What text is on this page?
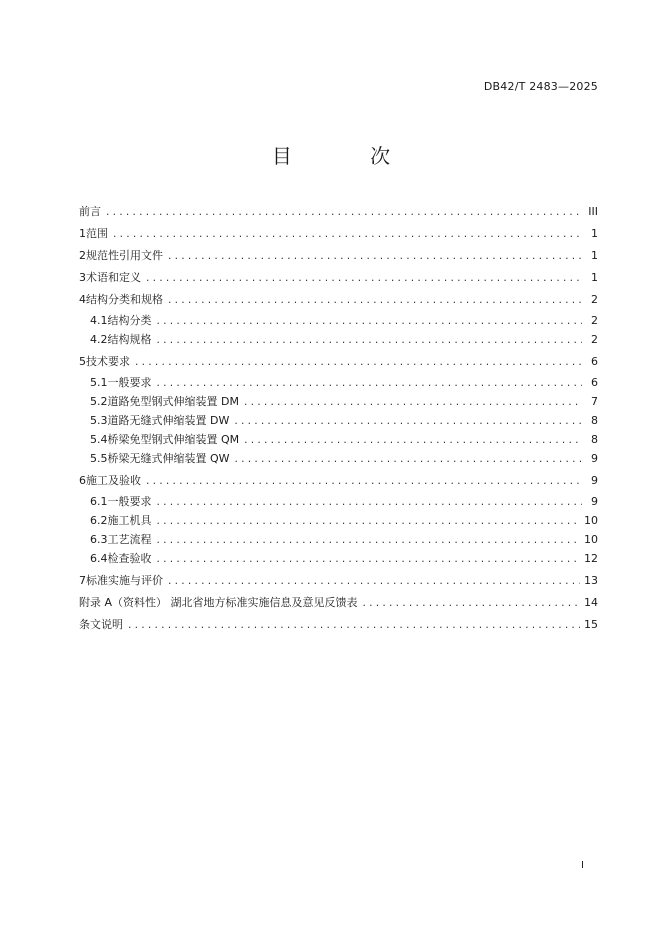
DB42/T 2483—2025
目 次
前言 .....	III
1 范围 .....	1
2 规范性引用文件 .....	1
3 术语和定义 .....	1
4 结构分类和规格 .....	2
4.1 结构分类 .....	2
4.2 结构规格 .....	2
5 技术要求 .....	6
5.1 一般要求 .....	6
5.2 道路免型钢式伸缩装置 DM .....	7
5.3 道路无缝式伸缩装置 DW .....	8
5.4 桥梁免型钢式伸缩装置 QM .....	8
5.5 桥梁无缝式伸缩装置 QW .....	9
6 施工及验收 .....	9
6.1 一般要求 .....	9
6.2 施工机具 .....	10
6.3 工艺流程 .....	10
6.4 检查验收 .....	12
7 标准实施与评价 .....	13
附录 A（资料性） 湖北省地方标准实施信息及意见反馈表 .....	14
条文说明 .....	15
I
